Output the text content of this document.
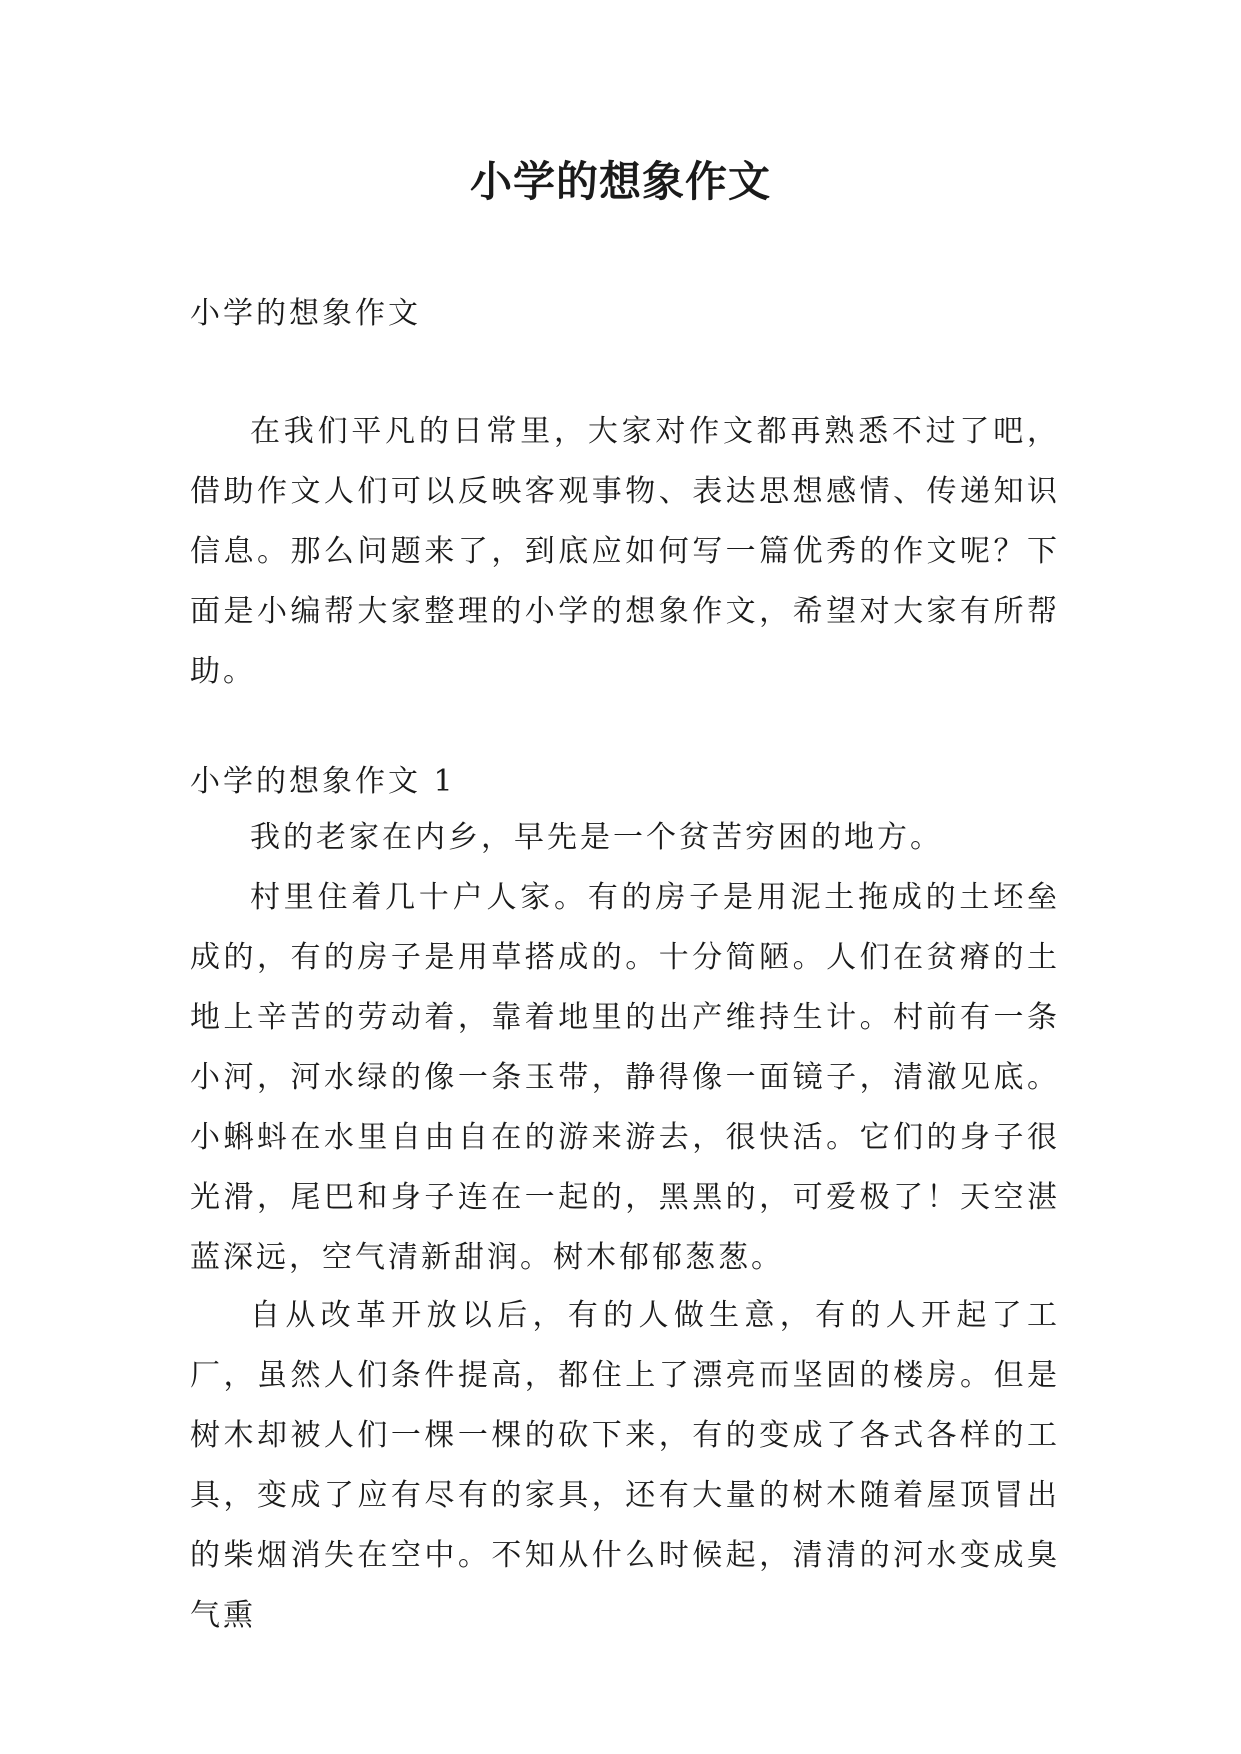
小学的想象作文

小学的想象作文

在我们平凡的日常里，大家对作文都再熟悉不过了吧，借助作文人们可以反映客观事物、表达思想感情、传递知识信息。那么问题来了，到底应如何写一篇优秀的作文呢？下面是小编帮大家整理的小学的想象作文，希望对大家有所帮助。

小学的想象作文 1

我的老家在内乡，早先是一个贫苦穷困的地方。

村里住着几十户人家。有的房子是用泥土拖成的土坯垒成的，有的房子是用草搭成的。十分简陋。人们在贫瘠的土地上辛苦的劳动着，靠着地里的出产维持生计。村前有一条小河，河水绿的像一条玉带，静得像一面镜子，清澈见底。小蝌蚪在水里自由自在的游来游去，很快活。它们的身子很光滑，尾巴和身子连在一起的，黑黑的，可爱极了！天空湛蓝深远，空气清新甜润。树木郁郁葱葱。

自从改革开放以后，有的人做生意，有的人开起了工厂，虽然人们条件提高，都住上了漂亮而坚固的楼房。但是树木却被人们一棵一棵的砍下来，有的变成了各式各样的工具，变成了应有尽有的家具，还有大量的树木随着屋顶冒出的柴烟消失在空中。不知从什么时候起，清清的河水变成臭气熏
